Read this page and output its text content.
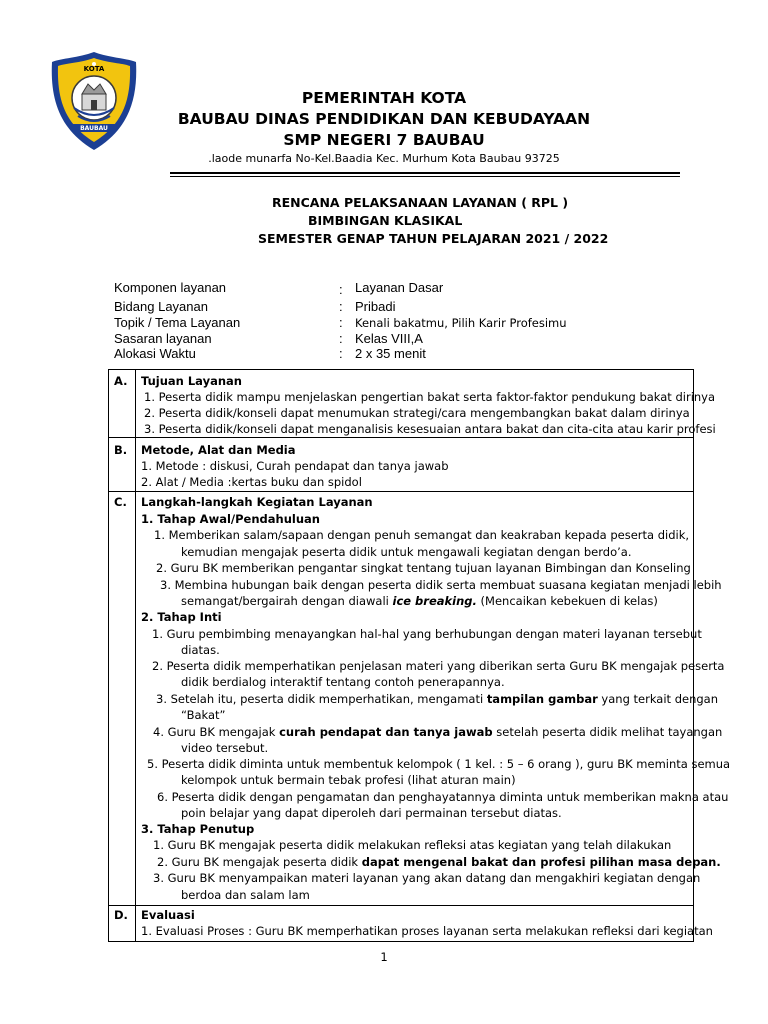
KOTA
BAUBAU
PEMERINTAH KOTA
BAUBAU DINAS PENDIDIKAN DAN KEBUDAYAAN
SMP NEGERI 7 BAUBAU
.laode munarfa No-Kel.Baadia Kec. Murhum Kota Baubau 93725
RENCANA PELAKSANAAN LAYANAN ( RPL )
BIMBINGAN KLASIKAL
SEMESTER GENAP TAHUN PELAJARAN 2021 / 2022
Komponen layanan	: Layanan Dasar
Bidang Layanan	: Pribadi
Topik / Tema Layanan	: Kenali bakatmu, Pilih Karir Profesimu
Sasaran layanan	: Kelas VIII,A
Alokasi Waktu	: 2 x 35 menit
A. Tujuan Layanan
1. Peserta didik mampu menjelaskan pengertian bakat serta faktor-faktor pendukung bakat dirinya
2. Peserta didik/konseli dapat menumukan strategi/cara mengembangkan bakat dalam dirinya
3. Peserta didik/konseli dapat menganalisis kesesuaian antara bakat dan cita-cita atau karir profesi
B. Metode, Alat dan Media
1. Metode : diskusi, Curah pendapat dan tanya jawab
2. Alat / Media :kertas buku dan spidol
C. Langkah-langkah Kegiatan Layanan
1. Tahap Awal/Pendahuluan
1. Memberikan salam/sapaan dengan penuh semangat dan keakraban kepada peserta didik,
kemudian mengajak peserta didik untuk mengawali kegiatan dengan berdo’a.
2. Guru BK memberikan pengantar singkat tentang tujuan layanan Bimbingan dan Konseling
3. Membina hubungan baik dengan peserta didik serta membuat suasana kegiatan menjadi lebih
semangat/bergairah dengan diawali ice breaking. (Mencaikan kebekuen di kelas)
2. Tahap Inti
1. Guru pembimbing menayangkan hal-hal yang berhubungan dengan materi layanan tersebut
diatas.
2. Peserta didik memperhatikan penjelasan materi yang diberikan serta Guru BK mengajak peserta
didik berdialog interaktif tentang contoh penerapannya.
3. Setelah itu, peserta didik memperhatikan, mengamati tampilan gambar yang terkait dengan
“Bakat”
4. Guru BK mengajak curah pendapat dan tanya jawab setelah peserta didik melihat tayangan
video tersebut.
5. Peserta didik diminta untuk membentuk kelompok ( 1 kel. : 5 – 6 orang ), guru BK meminta semua
kelompok untuk bermain tebak profesi (lihat aturan main)
6. Peserta didik dengan pengamatan dan penghayatannya diminta untuk memberikan makna atau
poin belajar yang dapat diperoleh dari permainan tersebut diatas.
3. Tahap Penutup
1. Guru BK mengajak peserta didik melakukan refleksi atas kegiatan yang telah dilakukan
2. Guru BK mengajak peserta didik dapat mengenal bakat dan profesi pilihan masa depan.
3. Guru BK menyampaikan materi layanan yang akan datang dan mengakhiri kegiatan dengan
berdoa dan salam lam
D. Evaluasi
1. Evaluasi Proses : Guru BK memperhatikan proses layanan serta melakukan refleksi dari kegiatan
1
